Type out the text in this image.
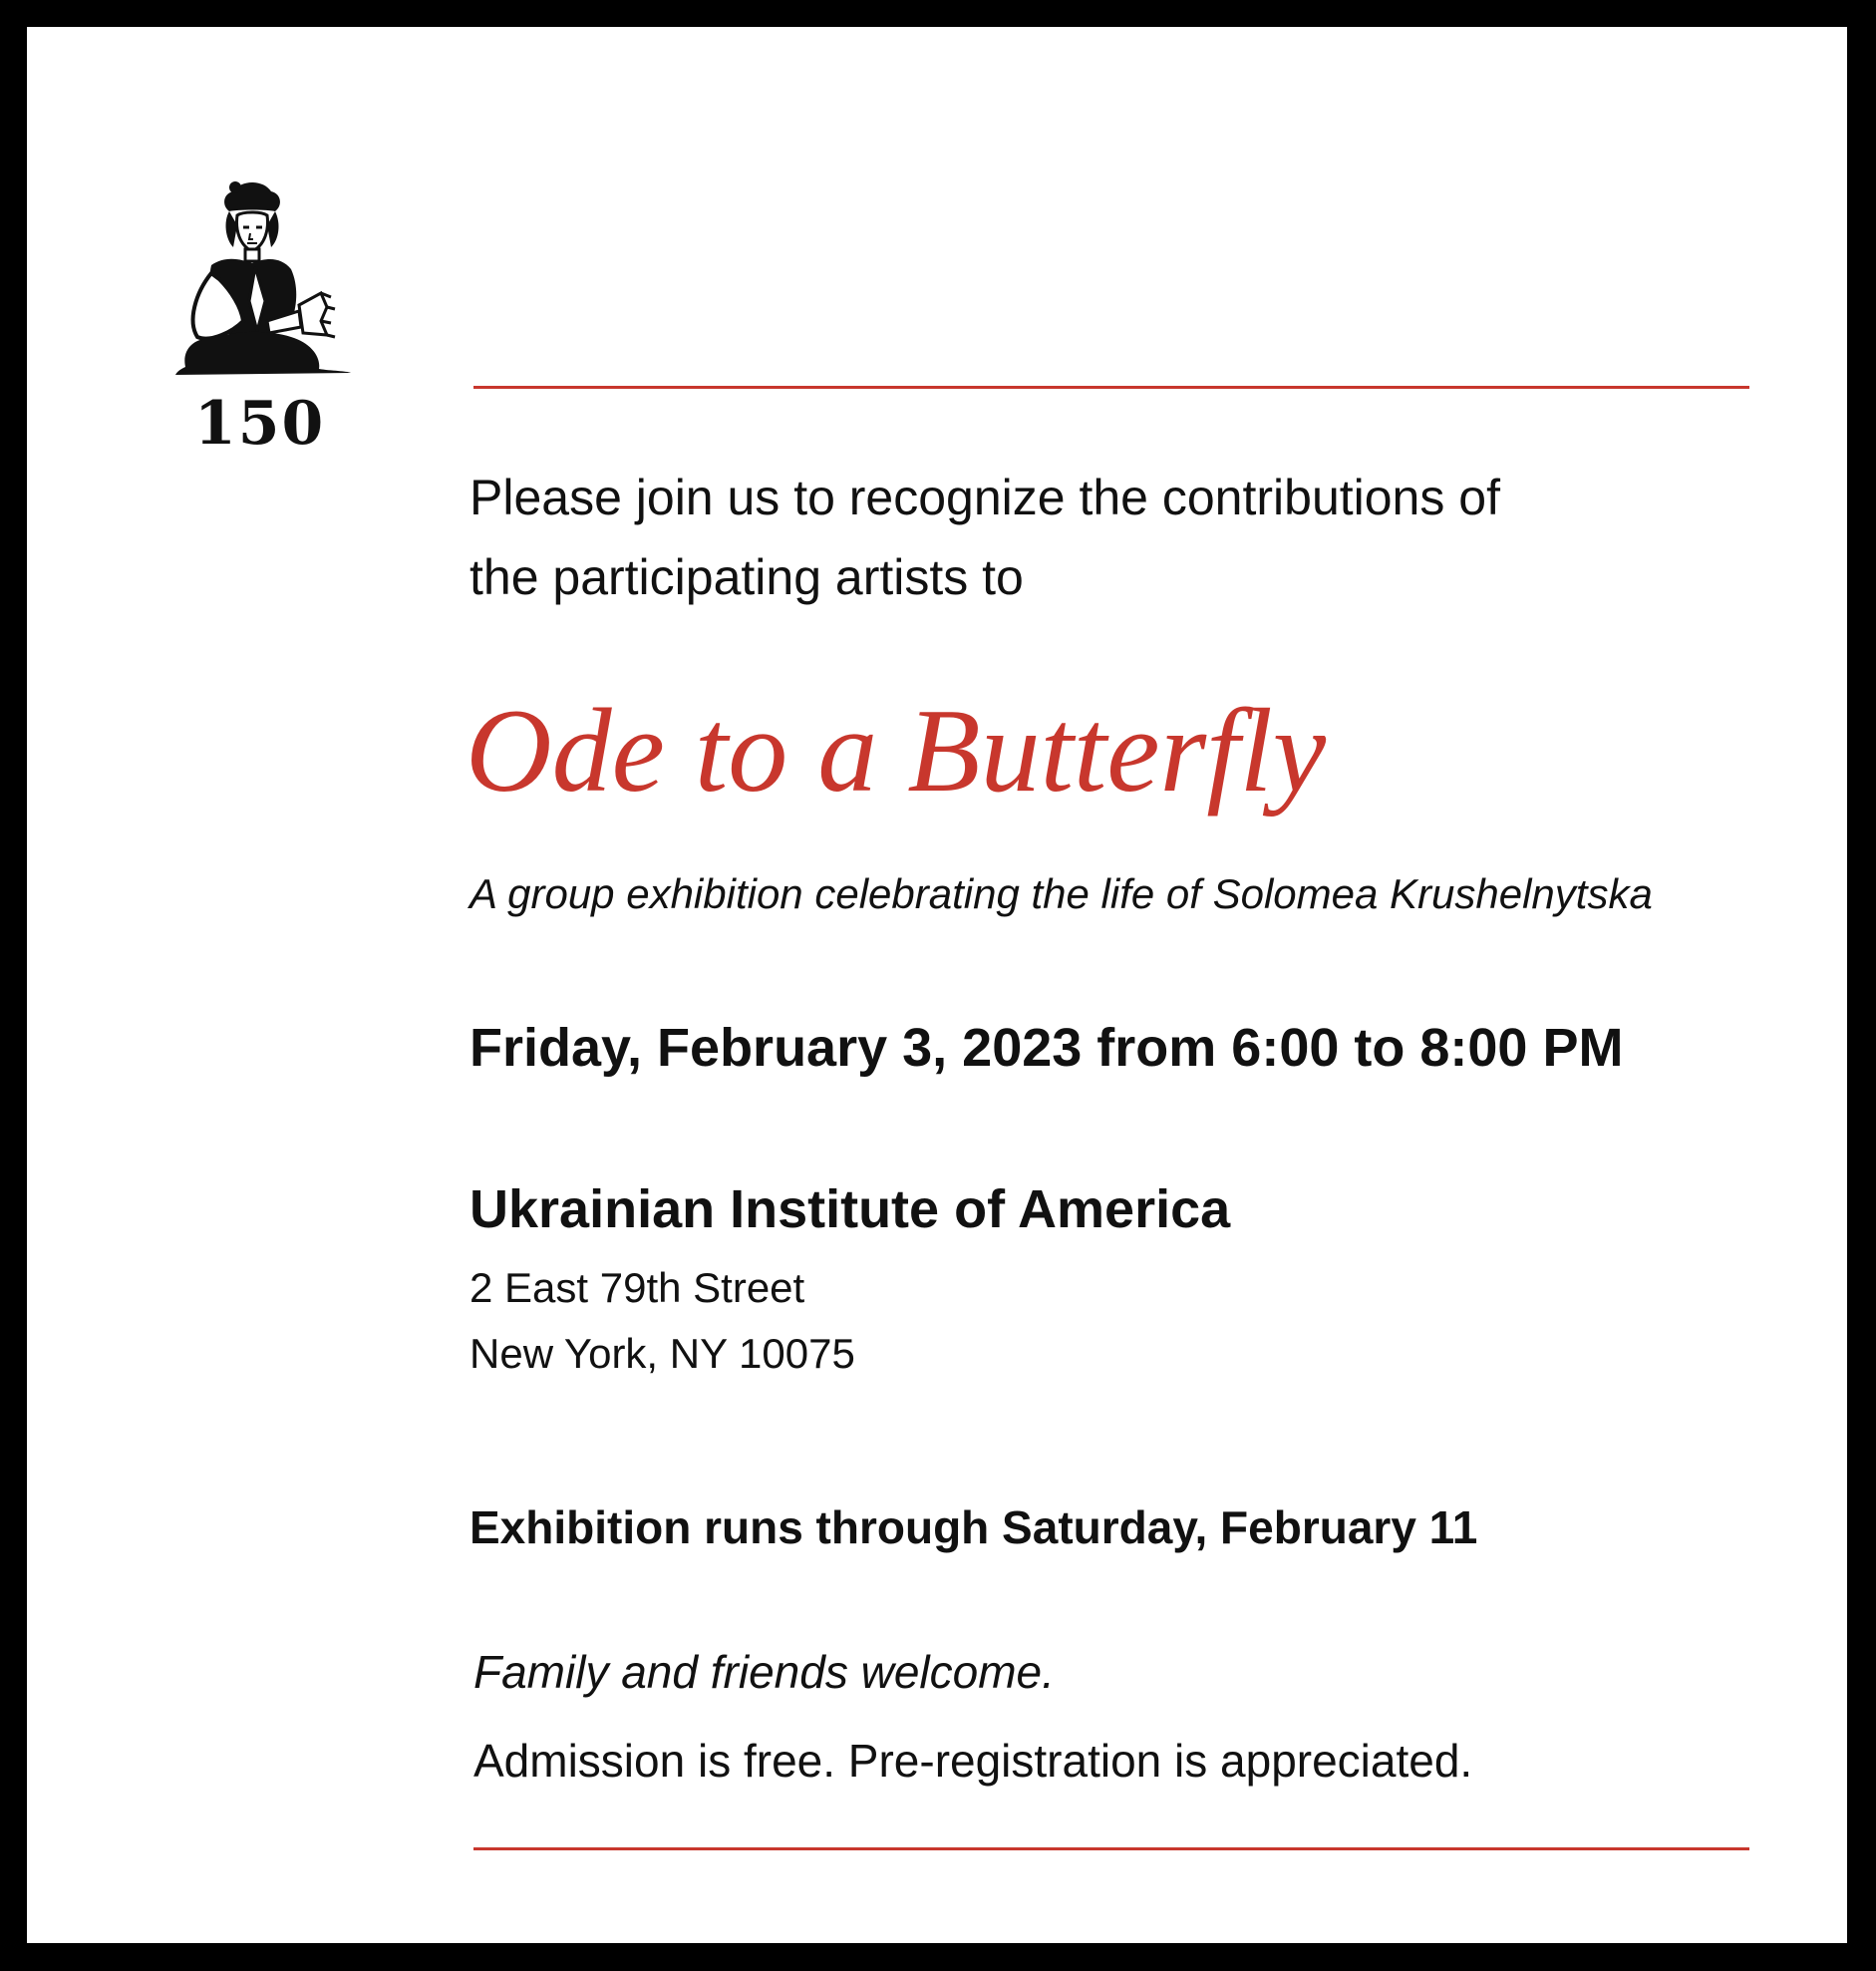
150
Please join us to recognize the contributions of
the participating artists to
Ode to a Butterfly
A group exhibition celebrating the life of Solomea Krushelnytska
Friday, February 3, 2023 from 6:00 to 8:00 PM
Ukrainian Institute of America
2 East 79th Street
New York, NY 10075
Exhibition runs through Saturday, February 11
Family and friends welcome.
Admission is free. Pre-registration is appreciated.
